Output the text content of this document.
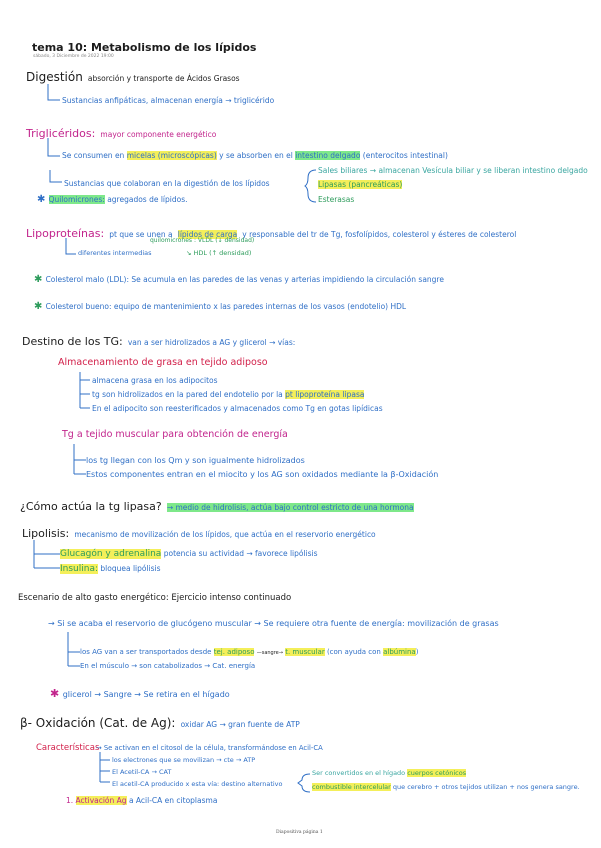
tema 10: Metabolismo de los lípidos
sábado, 3 Diciembre de 2022 19:00
Digestión absorción y transporte de Ácidos Grasos
Sustancias anfipáticas, almacenan energía → triglicérido
Triglicéridos: mayor componente energético
Se consumen en micelas (microscópicas) y se absorben en el intestino delgado (enterocitos intestinal)
Sales biliares → almacenan Vesícula biliar y se liberan intestino delgado
Sustancias que colaboran en la digestión de los lípidos	Lipasas (pancreáticas)
Esterasas
✱ Quilomicrones: agregados de lípidos.
Lipoproteínas: pt que se unen a lípidos de carga y responsable del tr de Tg, fosfolípidos, colesterol y ésteres de colesterol
quilomicrones : VLDL (↓ densidad)
diferentes intermedias	↘ HDL (↑ densidad)
✱ Colesterol malo (LDL): Se acumula en las paredes de las venas y arterias impidiendo la circulación sangre
✱ Colesterol bueno: equipo de mantenimiento x las paredes internas de los vasos (endotelio) HDL
Destino de los TG: van a ser hidrolizados a AG y glicerol → vías:
Almacenamiento de grasa en tejido adiposo
almacena grasa en los adipocitos
tg son hidrolizados en la pared del endotelio por la pt lipoproteína lipasa
En el adipocito son reesterificados y almacenados como Tg en gotas lipídicas
Tg a tejido muscular para obtención de energía
los tg llegan con los Qm y son igualmente hidrolizados
Estos componentes entran en el miocito y los AG son oxidados mediante la β-Oxidación
¿Cómo actúa la tg lipasa? → medio de hidrolisis, actúa bajo control estricto de una hormona
Lipolisis: mecanismo de movilización de los lípidos, que actúa en el reservorio energético
Glucagón y adrenalina potencia su actividad → favorece lipólisis
Insulina: bloquea lipólisis
Escenario de alto gasto energético: Ejercicio intenso continuado
→ Si se acaba el reservorio de glucógeno muscular → Se requiere otra fuente de energía: movilización de grasas
los AG van a ser transportados desde tej. adiposo —sangre→ t. muscular (con ayuda con albúmina)
En el músculo → son catabolizados → Cat. energía
✱ glicerol → Sangre → Se retira en el hígado
β- Oxidación (Cat. de Ag): oxidar AG → gran fuente de ATP
Características
→ Se activan en el citosol de la célula, transformándose en Acil-CA
los electrones que se movilizan → cte → ATP
El Acetil-CA → CAT
El acetil-CA producido x esta vía: destino alternativo
Ser convertidos en el hígado cuerpos cetónicos
combustible intercelular que cerebro + otros tejidos utilizan + nos genera sangre.
1. Activación Ag a Acil-CA en citoplasma
Diapositiva página 1
